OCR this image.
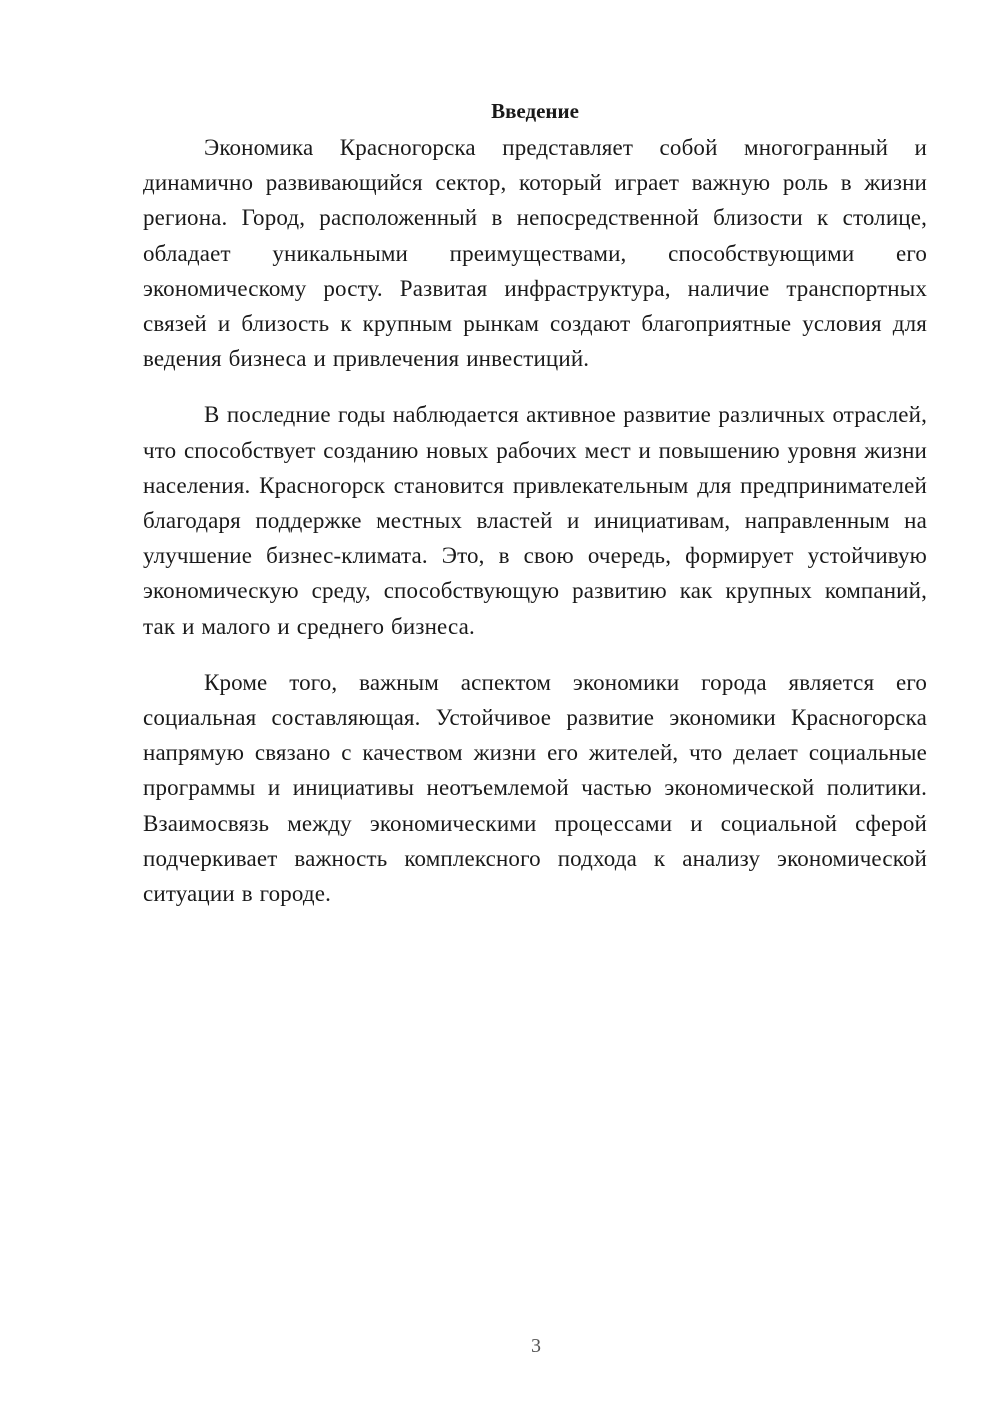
Введение

Экономика Красногорска представляет собой многогранный и динамично развивающийся сектор, который играет важную роль в жизни региона. Город, расположенный в непосредственной близости к столице, обладает уникальными преимуществами, способствующими его экономическому росту. Развитая инфраструктура, наличие транспортных связей и близость к крупным рынкам создают благоприятные условия для ведения бизнеса и привлечения инвестиций.

В последние годы наблюдается активное развитие различных отраслей, что способствует созданию новых рабочих мест и повышению уровня жизни населения. Красногорск становится привлекательным для предпринимателей благодаря поддержке местных властей и инициативам, направленным на улучшение бизнес-климата. Это, в свою очередь, формирует устойчивую экономическую среду, способствующую развитию как крупных компаний, так и малого и среднего бизнеса.

Кроме того, важным аспектом экономики города является его социальная составляющая. Устойчивое развитие экономики Красногорска напрямую связано с качеством жизни его жителей, что делает социальные программы и инициативы неотъемлемой частью экономической политики. Взаимосвязь между экономическими процессами и социальной сферой подчеркивает важность комплексного подхода к анализу экономической ситуации в городе.

3
